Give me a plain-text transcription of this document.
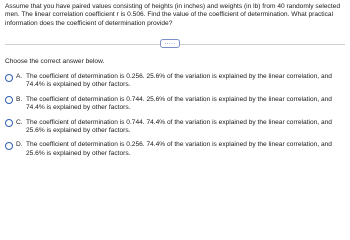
Assume that you have paired values consisting of heights (in inches) and weights (in lb) from 40 randomly selected men. The linear correlation coefficient r is 0.506. Find the value of the coefficient of determination. What practical information does the coefficient of determination provide?
.....
Choose the correct answer below.
A. The coefficient of determination is 0.256. 25.6% of the variation is explained by the linear correlation, and 74.4% is explained by other factors.
B. The coefficient of determination is 0.744. 25.6% of the variation is explained by the linear correlation, and 74.4% is explained by other factors.
C. The coefficient of determination is 0.744. 74.4% of the variation is explained by the linear correlation, and 25.6% is explained by other factors.
D. The coefficient of determination is 0.256. 74.4% of the variation is explained by the linear correlation, and 25.6% is explained by other factors.
